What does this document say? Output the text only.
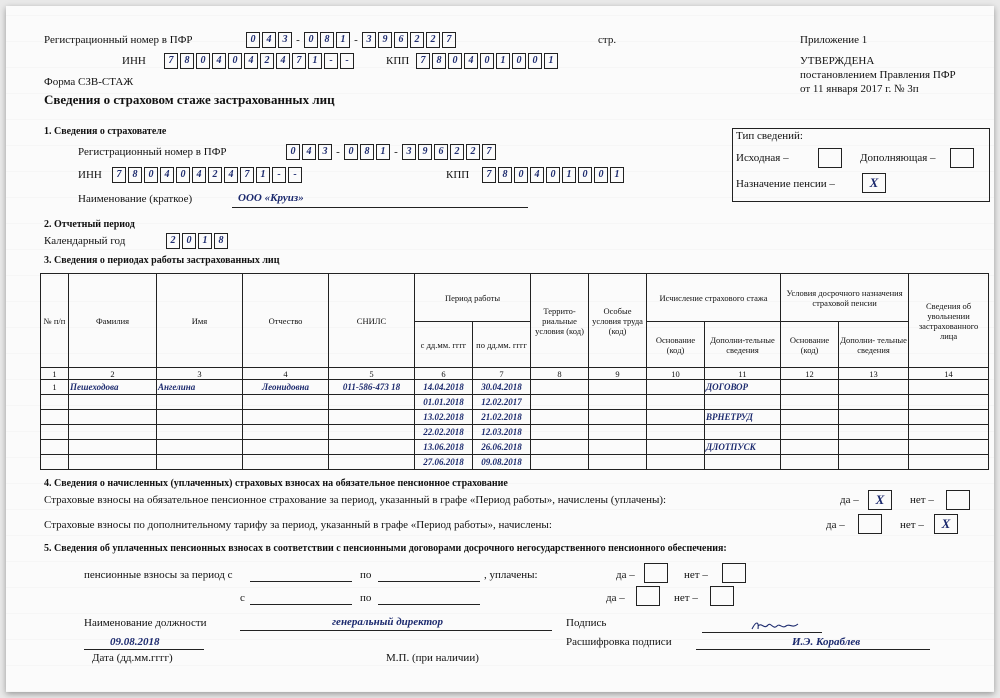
Регистрационный номер в ПФР	0	4	3 - 0	8	1 - 3	9	6	2	2	7	стр.
ИНН	7	8	0	4	0	4	2	4	7	1	-	-	КПП	7	8	0	4	0	1	0	0	1
Форма СЗВ-СТАЖ
Сведения о страховом стаже застрахованных лиц
Приложение 1
УТВЕРЖДЕНА
постановлением Правления ПФР
от 11 января 2017 г. № 3п
1. Сведения о страхователе
Регистрационный номер в ПФР	0	4	3 - 0	8	1 - 3	9	6	2	2	7
ИНН	7	8	0	4	0	4	2	4	7	1	-	-	КПП	7	8	0	4	0	1	0	0	1
Наименование (краткое)	ООО «Круиз»
Тип сведений:
Исходная –	Дополняющая –
Назначение пенсии –	X
2. Отчетный период
Календарный год	2	0	1	8
3. Сведения о периодах работы застрахованных лиц
№ п/п	Фамилия	Имя	Отчество	СНИЛС	Период работы		Террито- риальные условия (код)	Особые условия труда (код)	Исчисление страхового стажа		Условия досрочного назначения страховой пенсии		Сведения об увольнении застрахованного лица
					с дд.мм. гггг	по дд.мм. гггг			Основание (код)	Дополни-тельные сведения	Основание (код)	Дополни- тельные сведения	
1	2	3	4	5	6	7	8	9	10	11	12	13	14
1	Пешеходова	Ангелина	Леонидовна	011-586-473 18	14.04.2018	30.04.2018				ДОГОВОР			
					01.01.2018	12.02.2017							
					13.02.2018	21.02.2018				ВРНЕТРУД			
					22.02.2018	12.03.2018							
					13.06.2018	26.06.2018				ДЛОТПУСК			
					27.06.2018	09.08.2018							
4. Сведения о начисленных (уплаченных) страховых взносах на обязательное пенсионное страхование
Страховые взносы на обязательное пенсионное страхование за период, указанный в графе «Период работы», начислены (уплачены):	да –	X	нет –
Страховые взносы по дополнительному тарифу за период, указанный в графе «Период работы», начислены:	да –	нет –	X
5. Сведения об уплаченных пенсионных взносах в соответствии с пенсионными договорами досрочного негосударственного пенсионного обеспечения:
пенсионные взносы за период с	по	, уплачены:	да –	нет –
с	по	да –	нет –
Наименование должности	генеральный директор	Подпись
Расшифровка подписи	И.Э. Кораблев
09.08.2018
Дата (дд.мм.гггг)	М.П. (при наличии)
